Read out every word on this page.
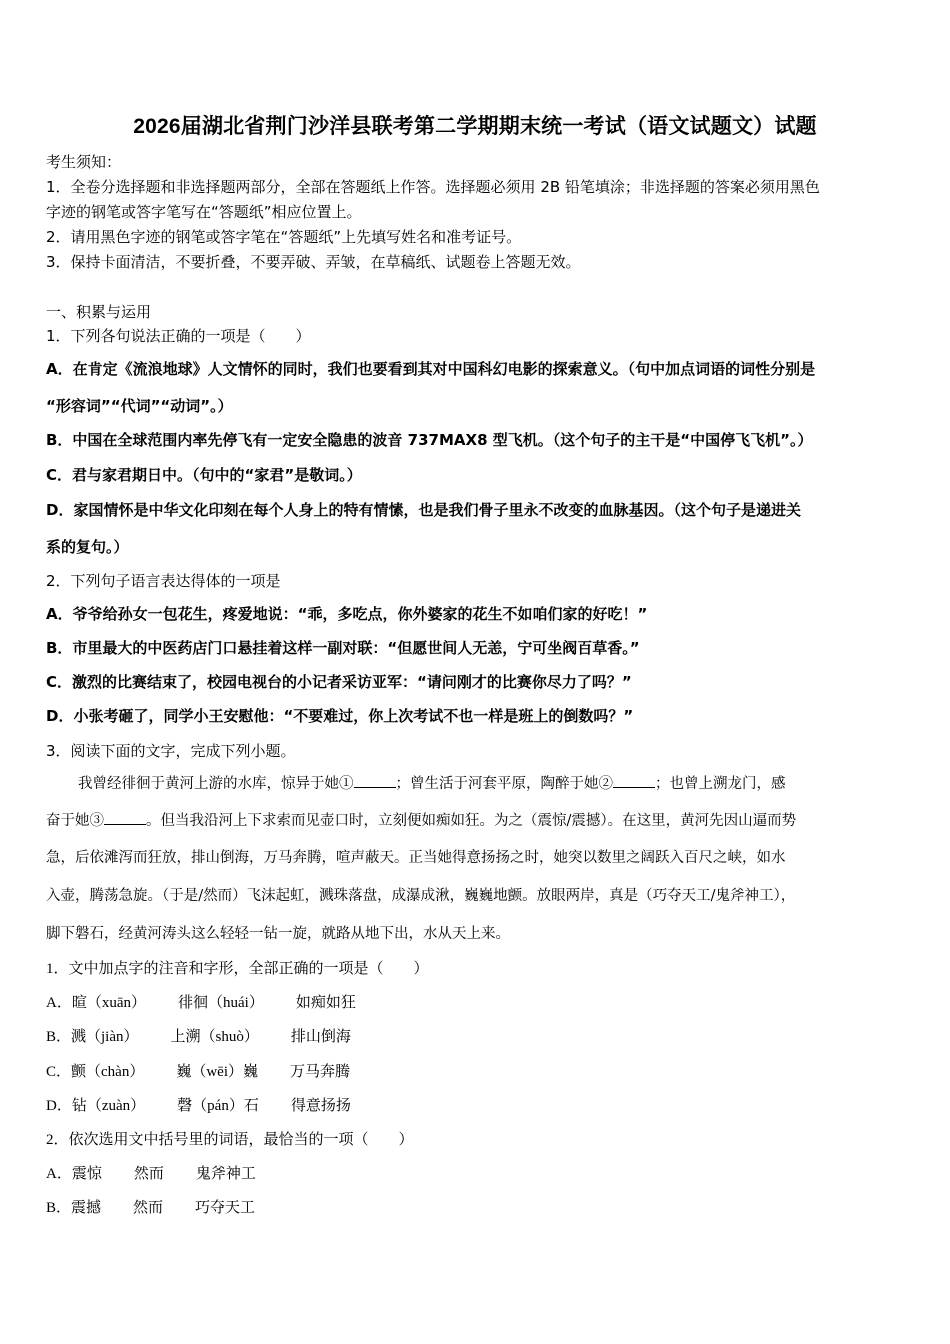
2026届湖北省荆门沙洋县联考第二学期期末统一考试（语文试题文）试题
考生须知：
1．全卷分选择题和非选择题两部分，全部在答题纸上作答。选择题必须用 2B 铅笔填涂；非选择题的答案必须用黑色
字迹的钢笔或答字笔写在“答题纸”相应位置上。
2．请用黑色字迹的钢笔或答字笔在“答题纸”上先填写姓名和准考证号。
3．保持卡面清洁，不要折叠，不要弄破、弄皱，在草稿纸、试题卷上答题无效。
一、积累与运用
1．下列各句说法正确的一项是（　　）
A．在肯定《流浪地球》人文情怀的同时，我们也要看到其对中国科幻电影的探索意义。（句中加点词语的词性分别是
“形容词”“代词”“动词”。）
B．中国在全球范围内率先停飞有一定安全隐患的波音 737MAX8 型飞机。（这个句子的主干是“中国停飞飞机”。）
C．君与家君期日中。（句中的“家君”是敬词。）
D．家国情怀是中华文化印刻在每个人身上的特有情愫，也是我们骨子里永不改变的血脉基因。（这个句子是递进关
系的复句。）
2．下列句子语言表达得体的一项是
A．爷爷给孙女一包花生，疼爱地说：“乖，多吃点，你外婆家的花生不如咱们家的好吃！”
B．市里最大的中医药店门口悬挂着这样一副对联：“但愿世间人无恙，宁可坐阀百草香。”
C．激烈的比赛结束了，校园电视台的小记者采访亚军：“请问刚才的比赛你尽力了吗？”
D．小张考砸了，同学小王安慰他：“不要难过，你上次考试不也一样是班上的倒数吗？”
3．阅读下面的文字，完成下列小题。
我曾经徘徊于黄河上游的水库，惊异于她①	；曾生活于河套平原，陶醉于她②	；也曾上溯龙门，感
奋于她③	。但当我沿河上下求索而见壶口时，立刻便如痴如狂。为之（震惊/震撼）。在这里，黄河先因山逼而势
急，后依滩泻而狂放，排山倒海，万马奔腾，喧声蔽天。正当她得意扬扬之时，她突以数里之阔跃入百尺之峡，如水
入壶，腾荡急旋。（于是/然而）飞沫起虹，溅珠落盘，成瀑成湫，巍巍地颤。放眼两岸，真是（巧夺天工/鬼斧神工），
脚下磐石，经黄河涛头这么轻轻一钻一旋，就路从地下出，水从天上来。
1．文中加点字的注音和字形，全部正确的一项是（　　）
A．暄（xuān） 徘徊（huái） 如痴如狂
B．溅（jiàn） 上溯（shuò） 排山倒海
C．颤（chàn） 巍（wēi）巍 万马奔腾
D．钻（zuàn） 磬（pán）石 得意扬扬
2．依次选用文中括号里的词语，最恰当的一项（　　）
A．震惊 然而 鬼斧神工
B．震撼 然而 巧夺天工
